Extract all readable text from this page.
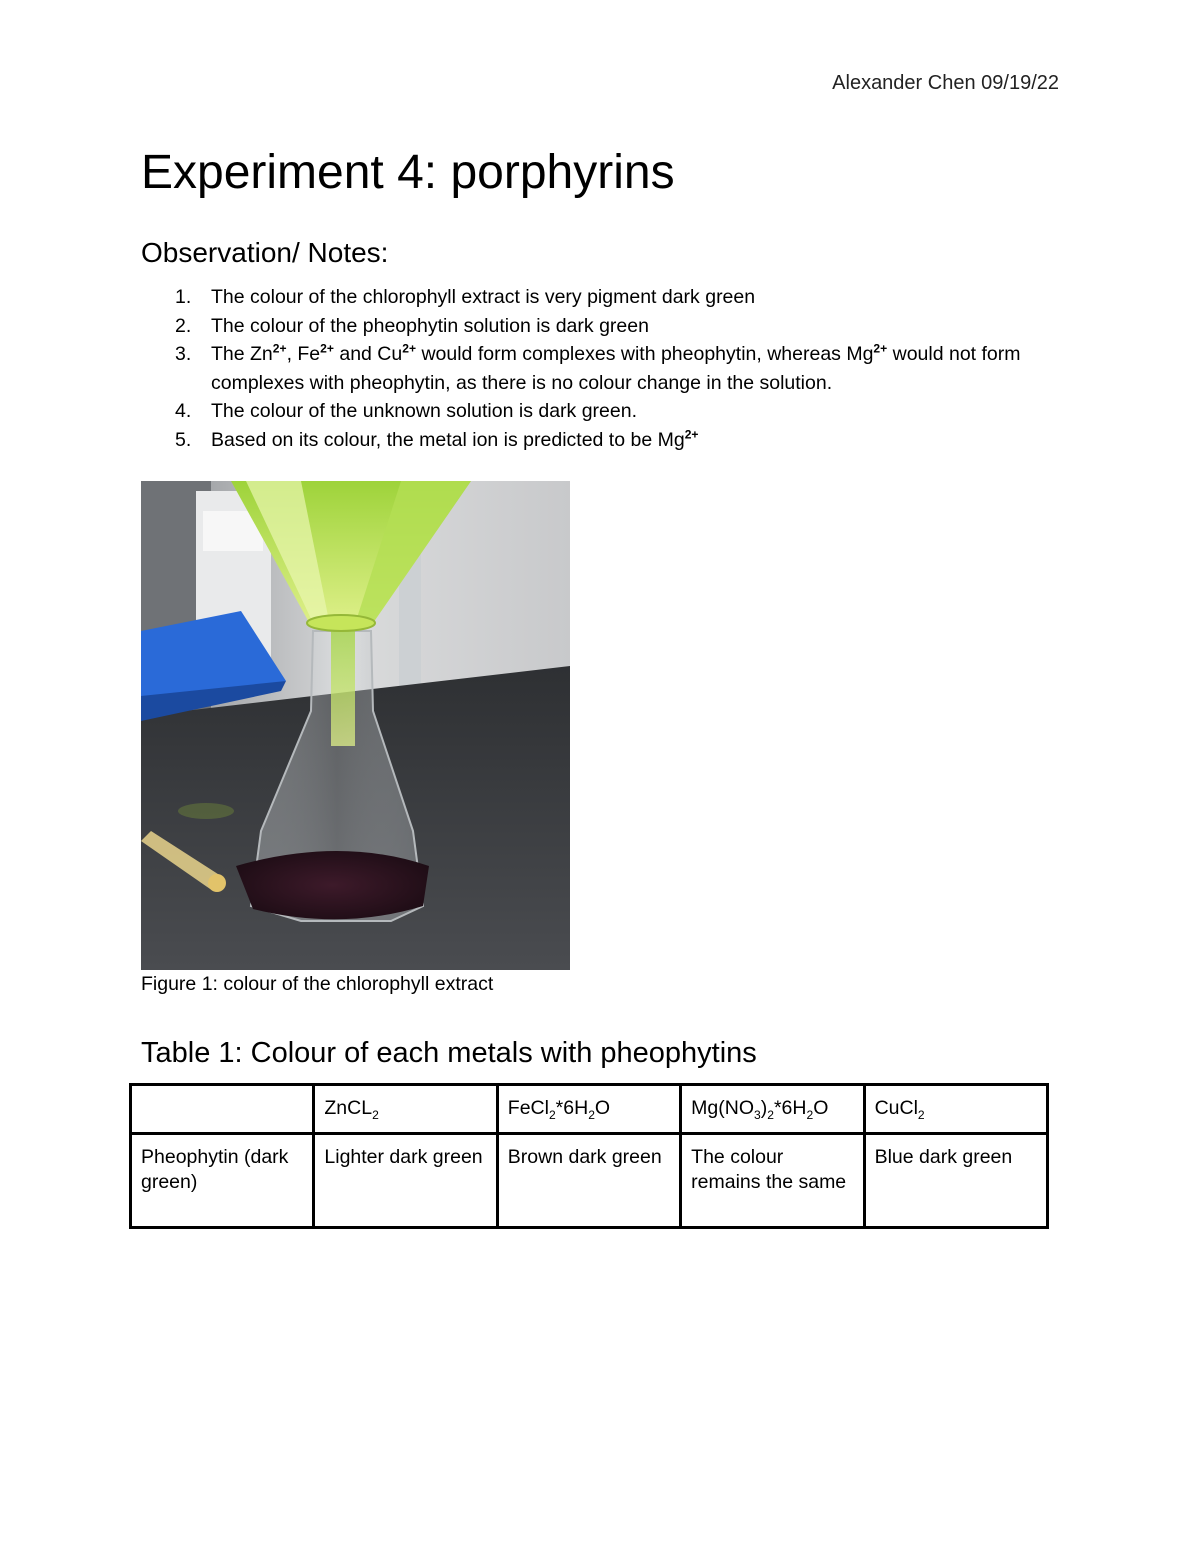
Alexander Chen 09/19/22
Experiment 4: porphyrins
Observation/ Notes:
1. The colour of the chlorophyll extract is very pigment dark green
2. The colour of the pheophytin solution is dark green
3. The $Zn^{2+}$, $Fe^{2+}$ and $Cu^{2+}$ would form complexes with pheophytin, whereas $Mg^{2+}$ would not form complexes with pheophytin, as there is no colour change in the solution.
4. The colour of the unknown solution is dark green.
5. Based on its colour, the metal ion is predicted to be $Mg^{2+}$
Figure 1: colour of the chlorophyll extract
Table 1: Colour of each metals with pheophytins
	ZnCL$_2$	$FeCl_2*6H_2O$	$Mg(NO_3)_2*6H_2O$	CuCl$_2$
Pheophytin (dark green)	Lighter dark green	Brown dark green	The colour remains the same	Blue dark green
